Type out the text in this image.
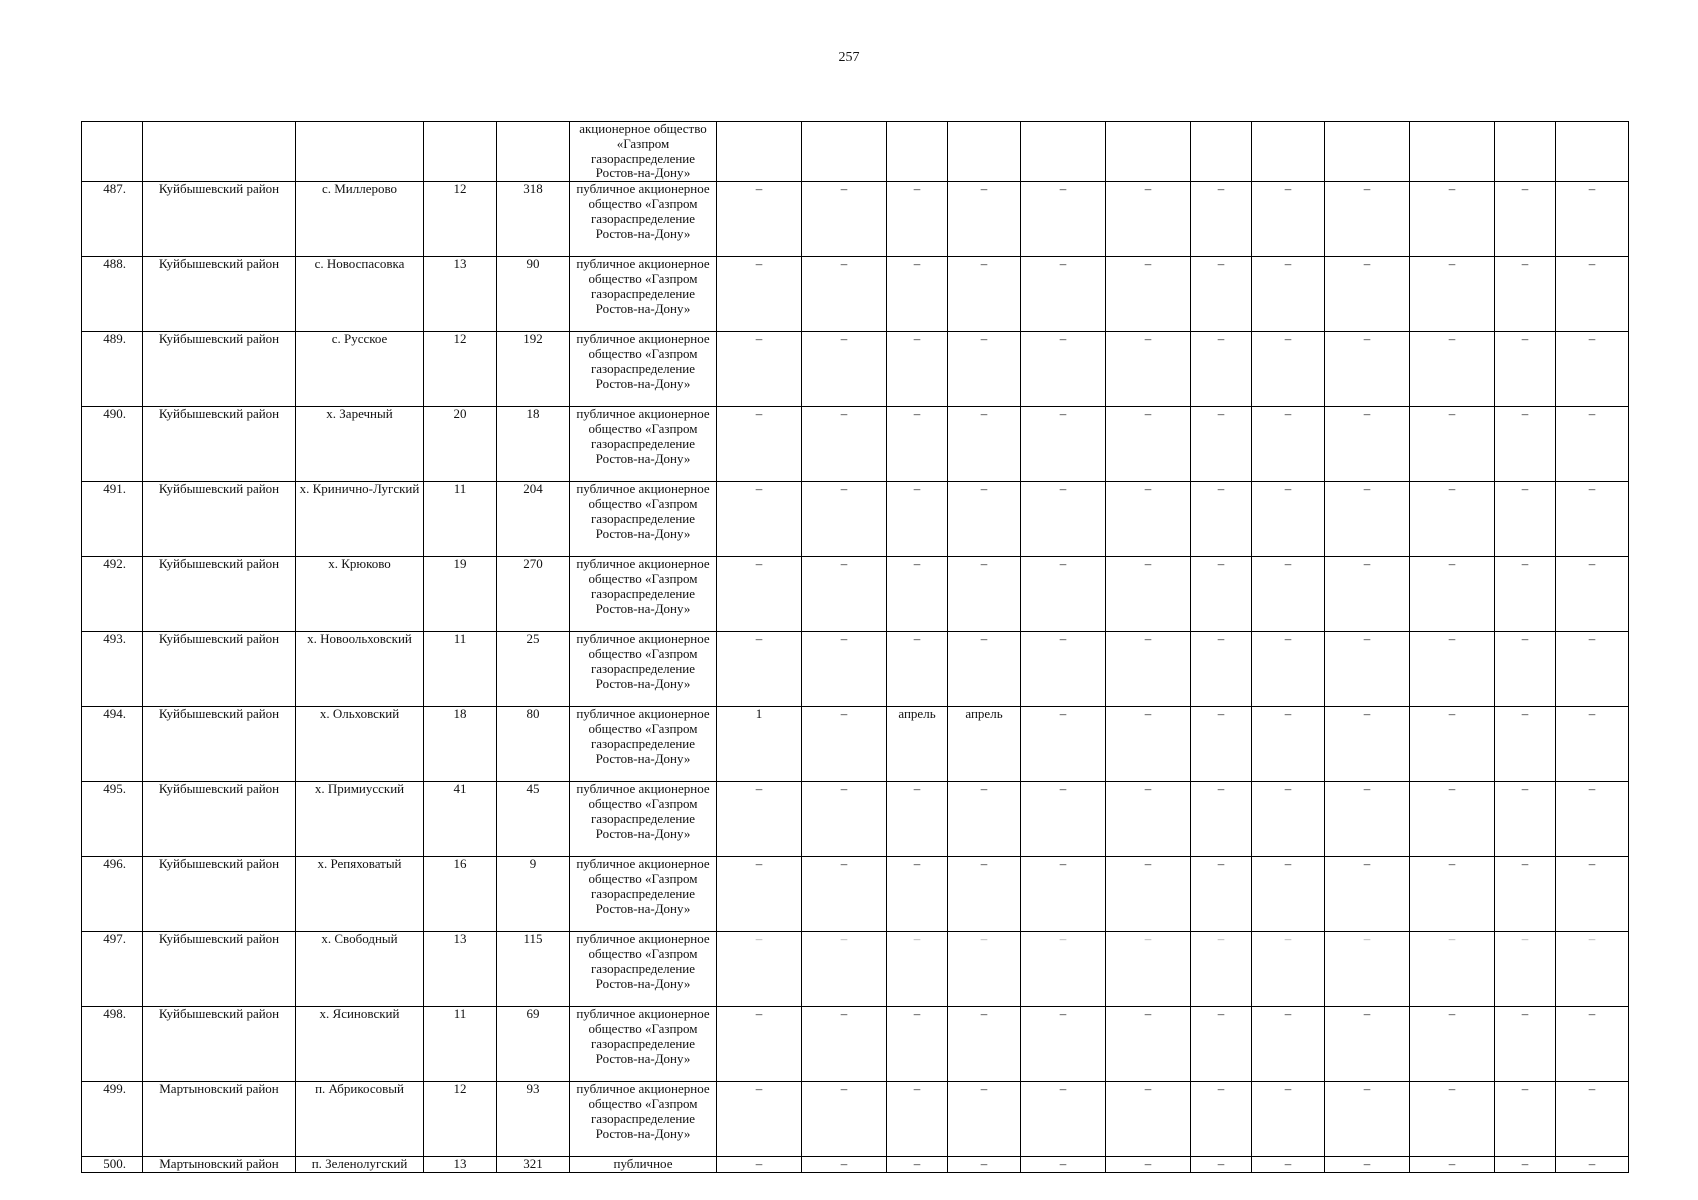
257
					акционерное общество «Газпром газораспределение Ростов-на-Дону»												
487.	Куйбышевский район	с. Миллерово	12	318	публичное акционерное общество «Газпром газораспределение Ростов-на-Дону»	–	–	–	–	–	–	–	–	–	–	–	–
488.	Куйбышевский район	с. Новоспасовка	13	90	публичное акционерное общество «Газпром газораспределение Ростов-на-Дону»	–	–	–	–	–	–	–	–	–	–	–	–
489.	Куйбышевский район	с. Русское	12	192	публичное акционерное общество «Газпром газораспределение Ростов-на-Дону»	–	–	–	–	–	–	–	–	–	–	–	–
490.	Куйбышевский район	х. Заречный	20	18	публичное акционерное общество «Газпром газораспределение Ростов-на-Дону»	–	–	–	–	–	–	–	–	–	–	–	–
491.	Куйбышевский район	х. Кринично-Лугский	11	204	публичное акционерное общество «Газпром газораспределение Ростов-на-Дону»	–	–	–	–	–	–	–	–	–	–	–	–
492.	Куйбышевский район	х. Крюково	19	270	публичное акционерное общество «Газпром газораспределение Ростов-на-Дону»	–	–	–	–	–	–	–	–	–	–	–	–
493.	Куйбышевский район	х. Новоольховский	11	25	публичное акционерное общество «Газпром газораспределение Ростов-на-Дону»	–	–	–	–	–	–	–	–	–	–	–	–
494.	Куйбышевский район	х. Ольховский	18	80	публичное акционерное общество «Газпром газораспределение Ростов-на-Дону»	1	–	апрель	апрель	–	–	–	–	–	–	–	–
495.	Куйбышевский район	х. Примиусский	41	45	публичное акционерное общество «Газпром газораспределение Ростов-на-Дону»	–	–	–	–	–	–	–	–	–	–	–	–
496.	Куйбышевский район	х. Репяховатый	16	9	публичное акционерное общество «Газпром газораспределение Ростов-на-Дону»	–	–	–	–	–	–	–	–	–	–	–	–
497.	Куйбышевский район	х. Свободный	13	115	публичное акционерное общество «Газпром газораспределение Ростов-на-Дону»	–	–	–	–	–	–	–	–	–	–	–	–
498.	Куйбышевский район	х. Ясиновский	11	69	публичное акционерное общество «Газпром газораспределение Ростов-на-Дону»	–	–	–	–	–	–	–	–	–	–	–	–
499.	Мартыновский район	п. Абрикосовый	12	93	публичное акционерное общество «Газпром газораспределение Ростов-на-Дону»	–	–	–	–	–	–	–	–	–	–	–	–
500.	Мартыновский район	п. Зеленолугский	13	321	публичное	–	–	–	–	–	–	–	–	–	–	–	–
